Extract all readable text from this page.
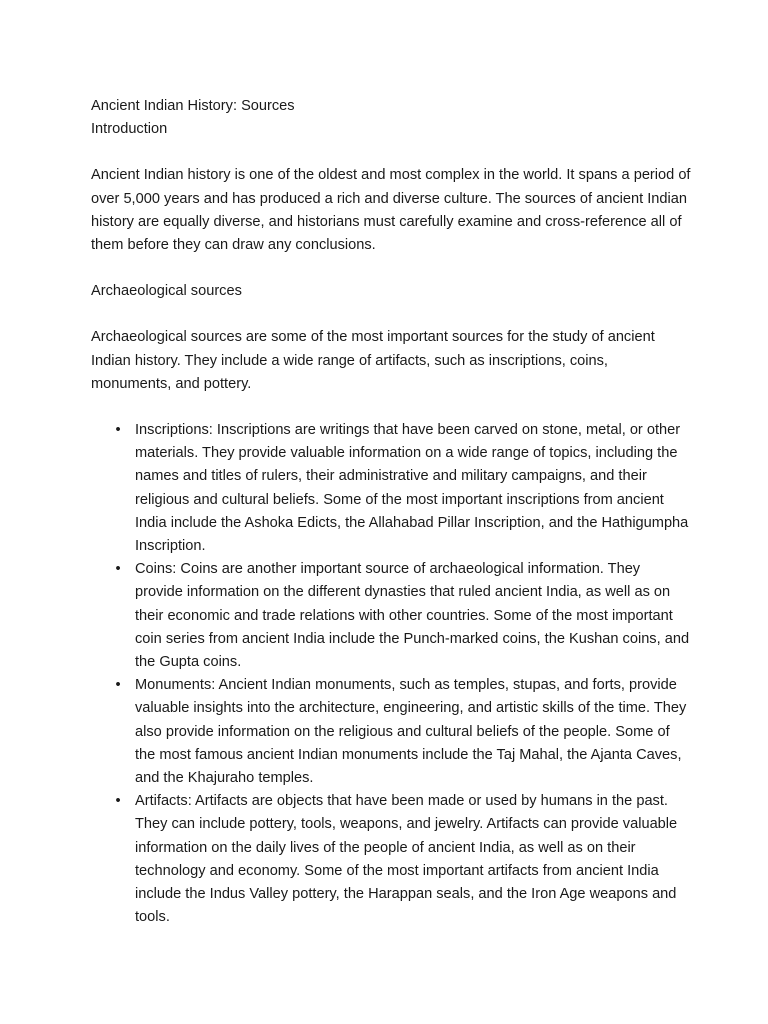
Ancient Indian History: Sources

Introduction

Ancient Indian history is one of the oldest and most complex in the world. It spans a period of over 5,000 years and has produced a rich and diverse culture. The sources of ancient Indian history are equally diverse, and historians must carefully examine and cross-reference all of them before they can draw any conclusions.

Archaeological sources

Archaeological sources are some of the most important sources for the study of ancient Indian history. They include a wide range of artifacts, such as inscriptions, coins, monuments, and pottery.

• Inscriptions: Inscriptions are writings that have been carved on stone, metal, or other materials. They provide valuable information on a wide range of topics, including the names and titles of rulers, their administrative and military campaigns, and their religious and cultural beliefs. Some of the most important inscriptions from ancient India include the Ashoka Edicts, the Allahabad Pillar Inscription, and the Hathigumpha Inscription.
• Coins: Coins are another important source of archaeological information. They provide information on the different dynasties that ruled ancient India, as well as on their economic and trade relations with other countries. Some of the most important coin series from ancient India include the Punch-marked coins, the Kushan coins, and the Gupta coins.
• Monuments: Ancient Indian monuments, such as temples, stupas, and forts, provide valuable insights into the architecture, engineering, and artistic skills of the time. They also provide information on the religious and cultural beliefs of the people. Some of the most famous ancient Indian monuments include the Taj Mahal, the Ajanta Caves, and the Khajuraho temples.
• Artifacts: Artifacts are objects that have been made or used by humans in the past. They can include pottery, tools, weapons, and jewelry. Artifacts can provide valuable information on the daily lives of the people of ancient India, as well as on their technology and economy. Some of the most important artifacts from ancient India include the Indus Valley pottery, the Harappan seals, and the Iron Age weapons and tools.
